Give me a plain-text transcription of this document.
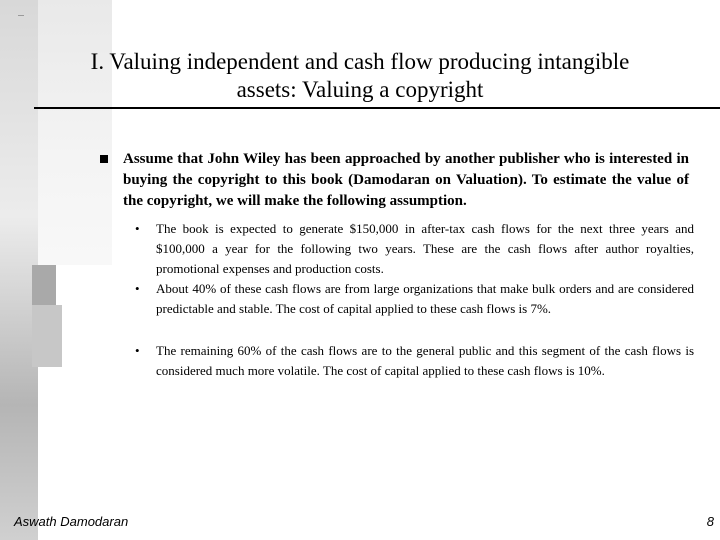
I. Valuing independent and cash flow producing intangible assets: Valuing a copyright
Assume that John Wiley has been approached by another publisher who is interested in buying the copyright to this book (Damodaran on Valuation). To estimate the value of the copyright, we will make the following assumption.
• The book is expected to generate $150,000 in after-tax cash flows for the next three years and $100,000 a year for the following two years. These are the cash flows after author royalties, promotional expenses and production costs.
• About 40% of these cash flows are from large organizations that make bulk orders and are considered predictable and stable. The cost of capital applied to these cash flows is 7%.
• The remaining 60% of the cash flows are to the general public and this segment of the cash flows is considered much more volatile. The cost of capital applied to these cash flows is 10%.
Aswath Damodaran	8
